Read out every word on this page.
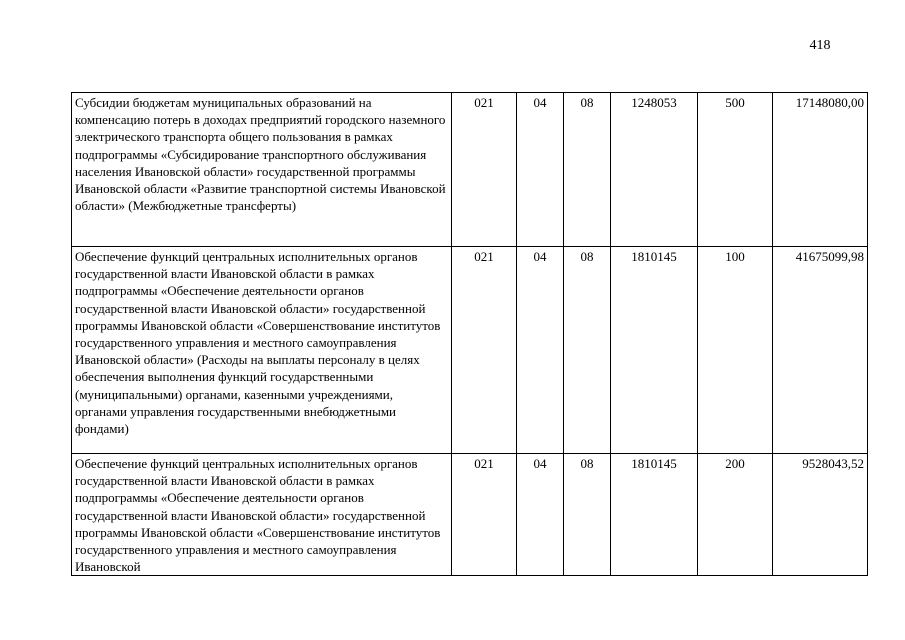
418
Субсидии бюджетам муниципальных образований на компенсацию потерь в доходах предприятий городского наземного электрического транспорта общего пользования в рамках подпрограммы «Субсидирование транспортного обслуживания населения Ивановской области» государственной программы Ивановской области «Развитие транспортной системы Ивановской области» (Межбюджетные трансферты)	021	04	08	1248053	500	17148080,00
Обеспечение функций центральных исполнительных органов государственной власти Ивановской области в рамках подпрограммы «Обеспечение деятельности органов государственной власти Ивановской области» государственной программы Ивановской области «Совершенствование институтов государственного управления и местного самоуправления Ивановской области» (Расходы на выплаты персоналу в целях обеспечения выполнения функций государственными (муниципальными) органами, казенными учреждениями, органами управления государственными внебюджетными фондами)	021	04	08	1810145	100	41675099,98
Обеспечение функций центральных исполнительных органов государственной власти Ивановской области в рамках подпрограммы «Обеспечение деятельности органов государственной власти Ивановской области» государственной программы Ивановской области «Совершенствование институтов государственного управления и местного самоуправления Ивановской	021	04	08	1810145	200	9528043,52
